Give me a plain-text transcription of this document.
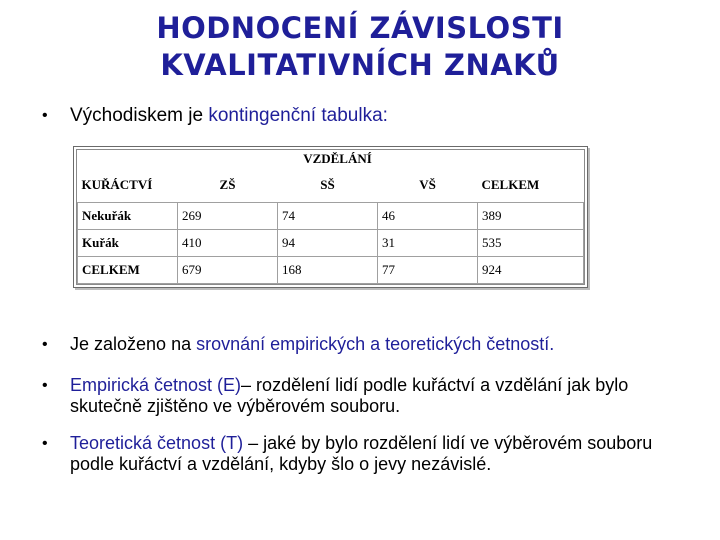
HODNOCENÍ ZÁVISLOSTI
KVALITATIVNÍCH ZNAKŮ
• Východiskem je kontingenční tabulka:
	VZDĚLÁNÍ			
KUŘÁCTVÍ	ZŠ	SŠ	VŠ	CELKEM
Nekuřák	269	74	46	389
Kuřák	410	94	31	535
CELKEM	679	168	77	924
• Je založeno na srovnání empirických a teoretických četností.
• Empirická četnost (E)– rozdělení lidí podle kuřáctví a vzdělání jak bylo skutečně zjištěno ve výběrovém souboru.
• Teoretická četnost (T) – jaké by bylo rozdělení lidí ve výběrovém souboru podle kuřáctví a vzdělání, kdyby šlo o jevy nezávislé.
